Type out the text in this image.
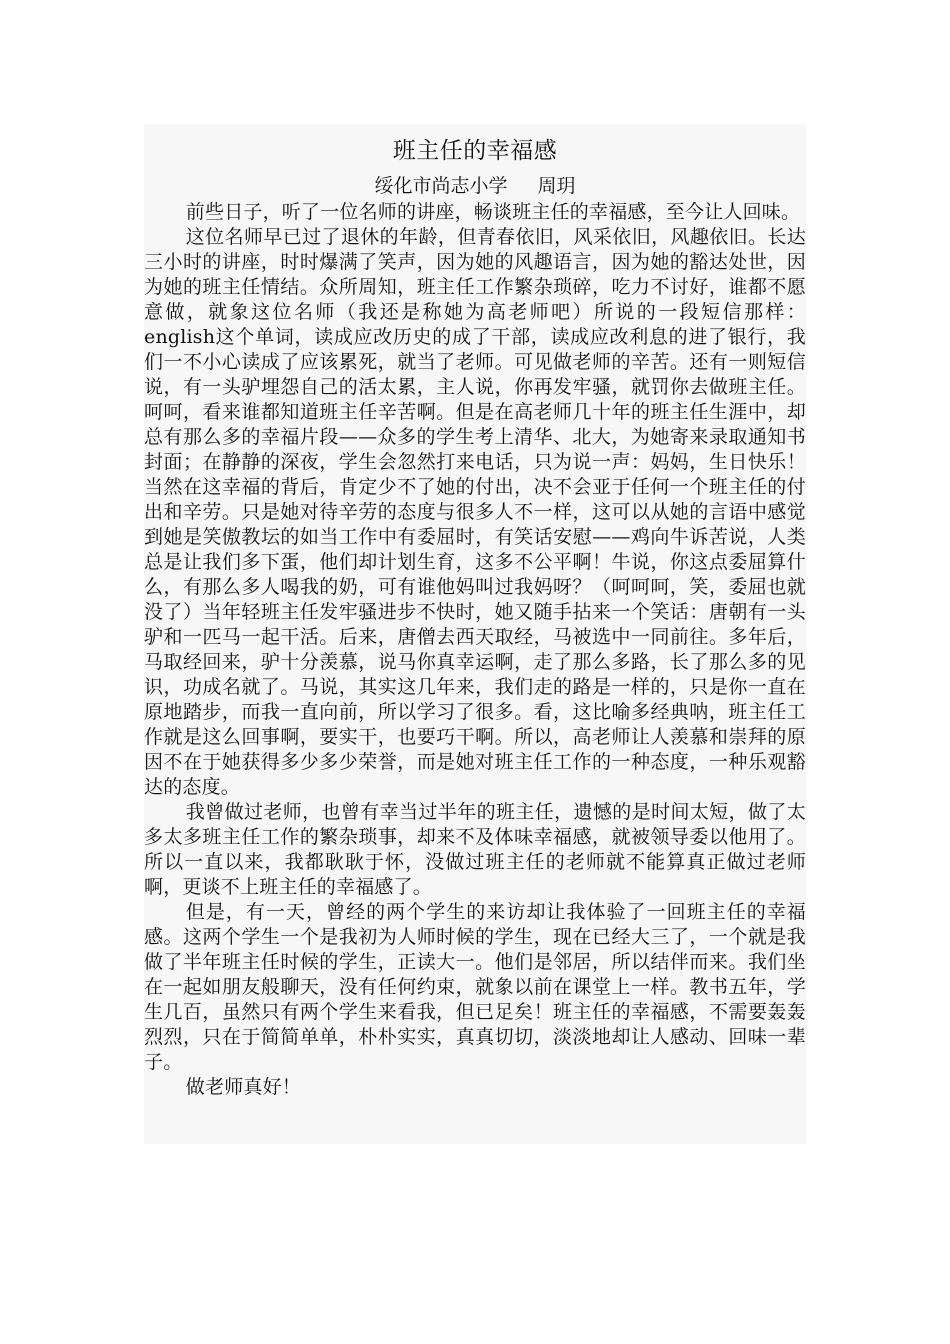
班主任的幸福感
绥化市尚志小学 周玥

前些日子，听了一位名师的讲座，畅谈班主任的幸福感，至今让人回味。

这位名师早已过了退休的年龄，但青春依旧，风采依旧，风趣依旧。长达三小时的讲座，时时爆满了笑声，因为她的风趣语言，因为她的豁达处世，因为她的班主任情结。众所周知，班主任工作繁杂琐碎，吃力不讨好，谁都不愿意做，就象这位名师（我还是称她为高老师吧）所说的一段短信那样：english这个单词，读成应改历史的成了干部，读成应改利息的进了银行，我们一不小心读成了应该累死，就当了老师。可见做老师的辛苦。还有一则短信说，有一头驴埋怨自己的活太累，主人说，你再发牢骚，就罚你去做班主任。呵呵，看来谁都知道班主任辛苦啊。但是在高老师几十年的班主任生涯中，却总有那么多的幸福片段——众多的学生考上清华、北大，为她寄来录取通知书封面；在静静的深夜，学生会忽然打来电话，只为说一声：妈妈，生日快乐！当然在这幸福的背后，肯定少不了她的付出，决不会亚于任何一个班主任的付出和辛劳。只是她对待辛劳的态度与很多人不一样，这可以从她的言语中感觉到她是笑傲教坛的如当工作中有委屈时，有笑话安慰——鸡向牛诉苦说，人类总是让我们多下蛋，他们却计划生育，这多不公平啊！牛说，你这点委屈算什么，有那么多人喝我的奶，可有谁他妈叫过我妈呀？（呵呵呵，笑，委屈也就没了）当年轻班主任发牢骚进步不快时，她又随手拈来一个笑话：唐朝有一头驴和一匹马一起干活。后来，唐僧去西天取经，马被选中一同前往。多年后，马取经回来，驴十分羡慕，说马你真幸运啊，走了那么多路，长了那么多的见识，功成名就了。马说，其实这几年来，我们走的路是一样的，只是你一直在原地踏步，而我一直向前，所以学习了很多。看，这比喻多经典呐，班主任工作就是这么回事啊，要实干，也要巧干啊。所以，高老师让人羡慕和崇拜的原因不在于她获得多少多少荣誉，而是她对班主任工作的一种态度，一种乐观豁达的态度。

我曾做过老师，也曾有幸当过半年的班主任，遗憾的是时间太短，做了太多太多班主任工作的繁杂琐事，却来不及体味幸福感，就被领导委以他用了。所以一直以来，我都耿耿于怀，没做过班主任的老师就不能算真正做过老师啊，更谈不上班主任的幸福感了。

但是，有一天，曾经的两个学生的来访却让我体验了一回班主任的幸福感。这两个学生一个是我初为人师时候的学生，现在已经大三了，一个就是我做了半年班主任时候的学生，正读大一。他们是邻居，所以结伴而来。我们坐在一起如朋友般聊天，没有任何约束，就象以前在课堂上一样。教书五年，学生几百，虽然只有两个学生来看我，但已足矣！班主任的幸福感，不需要轰轰烈烈，只在于简简单单，朴朴实实，真真切切，淡淡地却让人感动、回味一辈子。

做老师真好！
